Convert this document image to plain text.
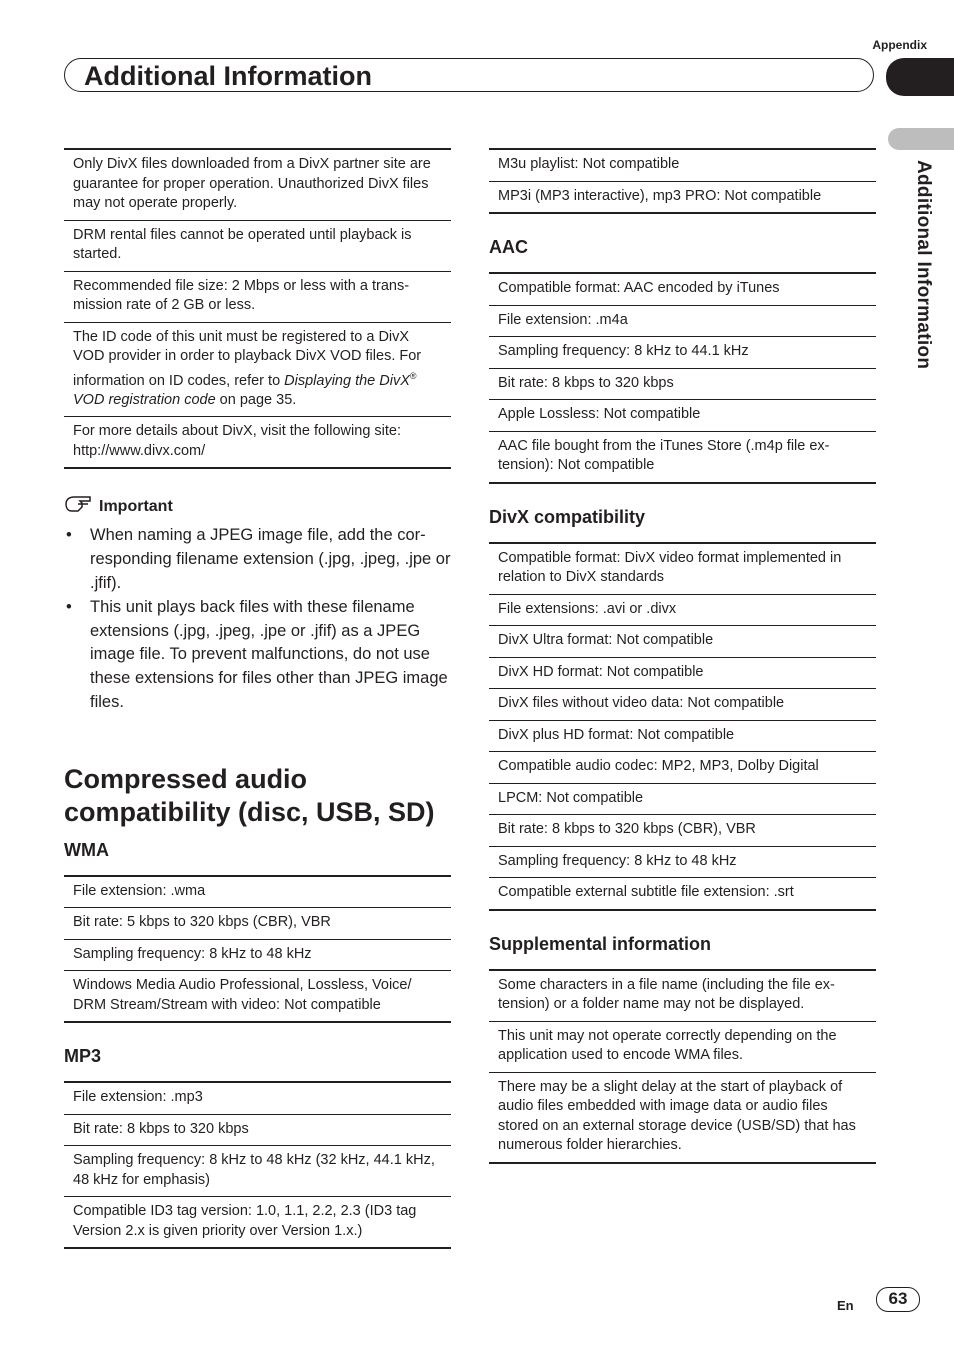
Appendix
Additional Information
Additional Information
Only DivX files downloaded from a DivX partner site are guarantee for proper operation. Unauthorized DivX files may not operate properly.
DRM rental files cannot be operated until playback is started.
Recommended file size: 2 Mbps or less with a trans-mission rate of 2 GB or less.
The ID code of this unit must be registered to a DivX VOD provider in order to playback DivX VOD files. For information on ID codes, refer to Displaying the DivX® VOD registration code on page 35.
For more details about DivX, visit the following site: http://www.divx.com/
Important
• When naming a JPEG image file, add the cor-responding filename extension (.jpg, .jpeg, .jpe or .jfif).
• This unit plays back files with these filename extensions (.jpg, .jpeg, .jpe or .jfif) as a JPEG image file. To prevent malfunctions, do not use these extensions for files other than JPEG image files.
Compressed audio compatibility (disc, USB, SD)
WMA
File extension: .wma
Bit rate: 5 kbps to 320 kbps (CBR), VBR
Sampling frequency: 8 kHz to 48 kHz
Windows Media Audio Professional, Lossless, Voice/ DRM Stream/Stream with video: Not compatible
MP3
File extension: .mp3
Bit rate: 8 kbps to 320 kbps
Sampling frequency: 8 kHz to 48 kHz (32 kHz, 44.1 kHz, 48 kHz for emphasis)
Compatible ID3 tag version: 1.0, 1.1, 2.2, 2.3 (ID3 tag Version 2.x is given priority over Version 1.x.)
M3u playlist: Not compatible
MP3i (MP3 interactive), mp3 PRO: Not compatible
AAC
Compatible format: AAC encoded by iTunes
File extension: .m4a
Sampling frequency: 8 kHz to 44.1 kHz
Bit rate: 8 kbps to 320 kbps
Apple Lossless: Not compatible
AAC file bought from the iTunes Store (.m4p file ex-tension): Not compatible
DivX compatibility
Compatible format: DivX video format implemented in relation to DivX standards
File extensions: .avi or .divx
DivX Ultra format: Not compatible
DivX HD format: Not compatible
DivX files without video data: Not compatible
DivX plus HD format: Not compatible
Compatible audio codec: MP2, MP3, Dolby Digital
LPCM: Not compatible
Bit rate: 8 kbps to 320 kbps (CBR), VBR
Sampling frequency: 8 kHz to 48 kHz
Compatible external subtitle file extension: .srt
Supplemental information
Some characters in a file name (including the file ex-tension) or a folder name may not be displayed.
This unit may not operate correctly depending on the application used to encode WMA files.
There may be a slight delay at the start of playback of audio files embedded with image data or audio files stored on an external storage device (USB/SD) that has numerous folder hierarchies.
En	63
